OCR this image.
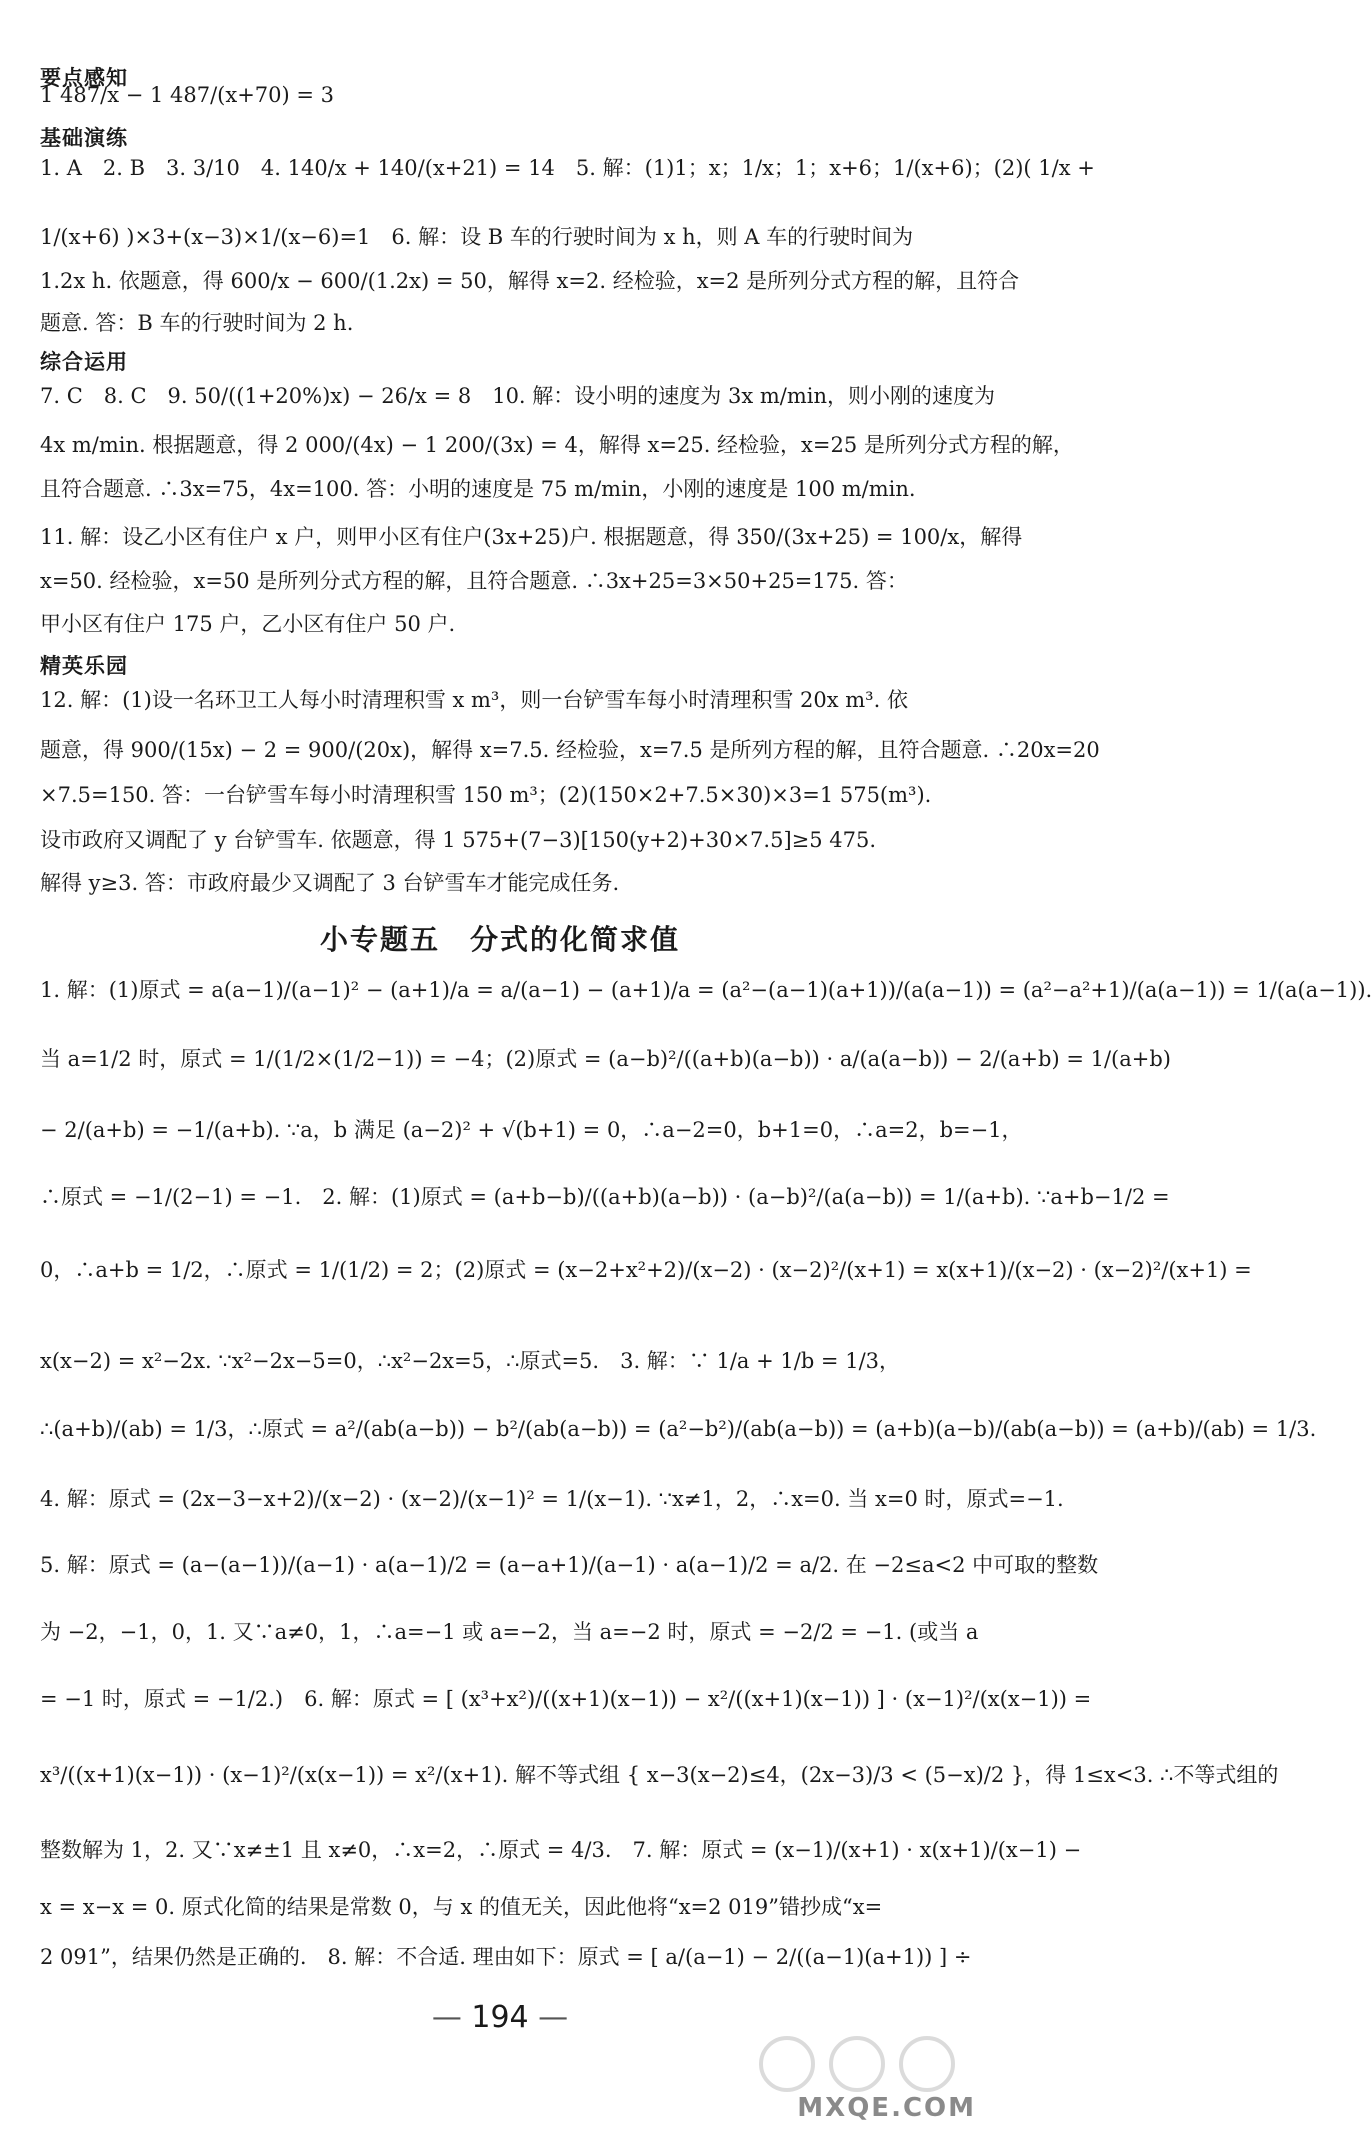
要点感知
1 487/x − 1 487/(x+70) = 3
基础演练
1. A　2. B　3. 3/10　4. 140/x + 140/(x+21) = 14　5. 解：(1)1；x；1/x；1；x+6；1/(x+6)；(2)( 1/x +
1/(x+6) )×3+(x−3)×1/(x−6)=1　6. 解：设 B 车的行驶时间为 x h，则 A 车的行驶时间为
1.2x h. 依题意，得 600/x − 600/(1.2x) = 50，解得 x=2. 经检验，x=2 是所列分式方程的解，且符合
题意. 答：B 车的行驶时间为 2 h.
综合运用
7. C　8. C　9. 50/((1+20%)x) − 26/x = 8　10. 解：设小明的速度为 3x m/min，则小刚的速度为
4x m/min. 根据题意，得 2 000/(4x) − 1 200/(3x) = 4，解得 x=25. 经检验，x=25 是所列分式方程的解，
且符合题意. ∴3x=75，4x=100. 答：小明的速度是 75 m/min，小刚的速度是 100 m/min.
11. 解：设乙小区有住户 x 户，则甲小区有住户(3x+25)户. 根据题意，得 350/(3x+25) = 100/x，解得
x=50. 经检验，x=50 是所列分式方程的解，且符合题意. ∴3x+25=3×50+25=175. 答：
甲小区有住户 175 户，乙小区有住户 50 户.
精英乐园
12. 解：(1)设一名环卫工人每小时清理积雪 x m³，则一台铲雪车每小时清理积雪 20x m³. 依
题意，得 900/(15x) − 2 = 900/(20x)，解得 x=7.5. 经检验，x=7.5 是所列方程的解，且符合题意. ∴20x=20
×7.5=150. 答：一台铲雪车每小时清理积雪 150 m³；(2)(150×2+7.5×30)×3=1 575(m³).
设市政府又调配了 y 台铲雪车. 依题意，得 1 575+(7−3)[150(y+2)+30×7.5]≥5 475.
解得 y≥3. 答：市政府最少又调配了 3 台铲雪车才能完成任务.
小专题五　分式的化简求值
1. 解：(1)原式 = a(a−1)/(a−1)² − (a+1)/a = a/(a−1) − (a+1)/a = (a²−(a−1)(a+1))/(a(a−1)) = (a²−a²+1)/(a(a−1)) = 1/(a(a−1)).
当 a=1/2 时，原式 = 1/(1/2×(1/2−1)) = −4；(2)原式 = (a−b)²/((a+b)(a−b)) · a/(a(a−b)) − 2/(a+b) = 1/(a+b)
− 2/(a+b) = −1/(a+b). ∵a，b 满足 (a−2)² + √(b+1) = 0，∴a−2=0，b+1=0，∴a=2，b=−1，
∴原式 = −1/(2−1) = −1.　2. 解：(1)原式 = (a+b−b)/((a+b)(a−b)) · (a−b)²/(a(a−b)) = 1/(a+b). ∵a+b−1/2 =
0，∴a+b = 1/2，∴原式 = 1/(1/2) = 2；(2)原式 = (x−2+x²+2)/(x−2) · (x−2)²/(x+1) = x(x+1)/(x−2) · (x−2)²/(x+1) =
x(x−2) = x²−2x. ∵x²−2x−5=0，∴x²−2x=5，∴原式=5.　3. 解：∵ 1/a + 1/b = 1/3，
∴(a+b)/(ab) = 1/3，∴原式 = a²/(ab(a−b)) − b²/(ab(a−b)) = (a²−b²)/(ab(a−b)) = (a+b)(a−b)/(ab(a−b)) = (a+b)/(ab) = 1/3.
4. 解：原式 = (2x−3−x+2)/(x−2) · (x−2)/(x−1)² = 1/(x−1). ∵x≠1，2，∴x=0. 当 x=0 时，原式=−1.
5. 解：原式 = (a−(a−1))/(a−1) · a(a−1)/2 = (a−a+1)/(a−1) · a(a−1)/2 = a/2. 在 −2≤a<2 中可取的整数
为 −2，−1，0，1. 又∵a≠0，1，∴a=−1 或 a=−2，当 a=−2 时，原式 = −2/2 = −1. (或当 a
= −1 时，原式 = −1/2.)　6. 解：原式 = [ (x³+x²)/((x+1)(x−1)) − x²/((x+1)(x−1)) ] · (x−1)²/(x(x−1)) =
x³/((x+1)(x−1)) · (x−1)²/(x(x−1)) = x²/(x+1). 解不等式组 { x−3(x−2)≤4，(2x−3)/3 < (5−x)/2 }，得 1≤x<3. ∴不等式组的
整数解为 1，2. 又∵x≠±1 且 x≠0，∴x=2，∴原式 = 4/3.　7. 解：原式 = (x−1)/(x+1) · x(x+1)/(x−1) −
x = x−x = 0. 原式化简的结果是常数 0，与 x 的值无关，因此他将“x=2 019”错抄成“x=
2 091”，结果仍然是正确的.　8. 解：不合适. 理由如下：原式 = [ a/(a−1) − 2/((a−1)(a+1)) ] ÷
— 194 —
MXQE.COM
